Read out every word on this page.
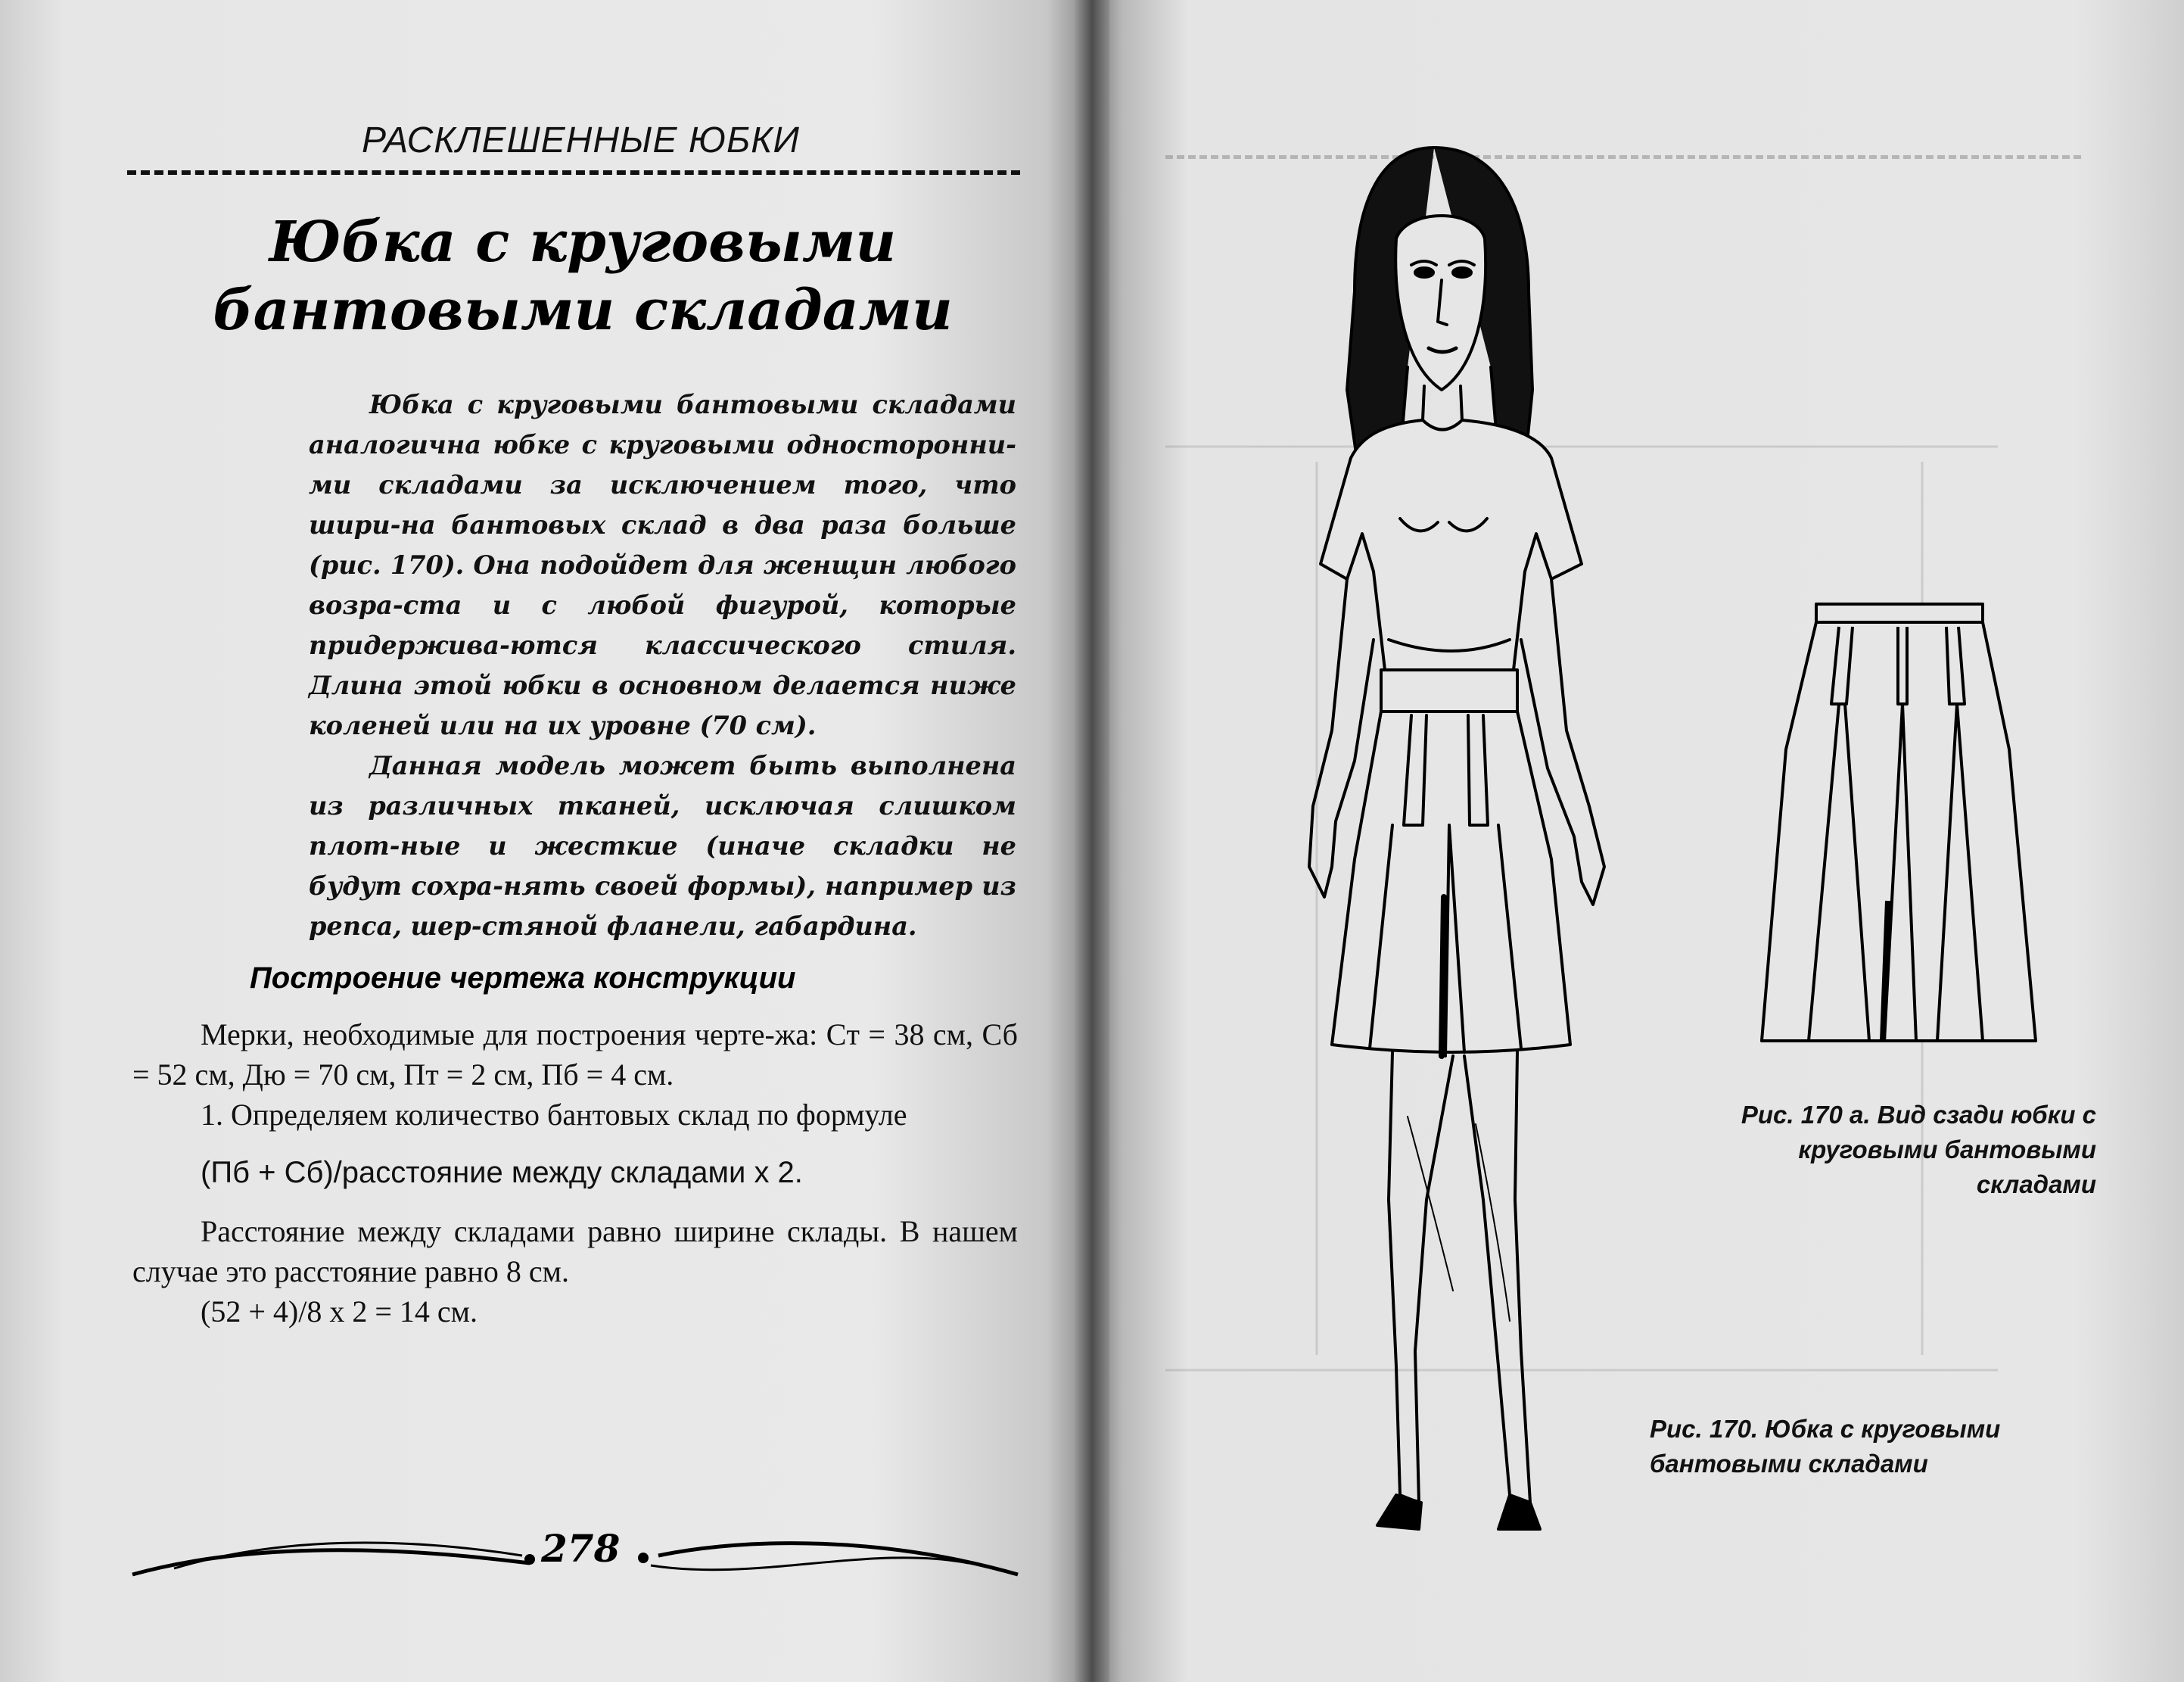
РАСКЛЕШЕННЫЕ ЮБКИ
Юбка с круговыми
бантовыми складами

Юбка с круговыми бантовыми складами аналогична юбке с круговыми односторонни-ми складами за исключением того, что шири-на бантовых склад в два раза больше (рис. 170). Она подойдет для женщин любого возра-ста и с любой фигурой, которые придержива-ются классического стиля. Длина этой юбки в основном делается ниже коленей или на их уровне (70 см).

Данная модель может быть выполнена из различных тканей, исключая слишком плот-ные и жесткие (иначе складки не будут сохра-нять своей формы), например из репса, шер-стяной фланели, габардина.

Построение чертежа конструкции

Мерки, необходимые для построения черте-жа: Cт = 38 см, Сб = 52 см, Дю = 70 см, Пт = 2 см, Пб = 4 см.

1. Определяем количество бантовых склад по формуле

(Пб + Сб)/расстояние между складами х 2.

Расстояние между складами равно ширине склады. В нашем случае это расстояние равно 8 см.

(52 + 4)/8 х 2 = 14 см.

278
Рис. 170 а. Вид сзади юбки с круговыми бантовыми складами
Рис. 170. Юбка с круговыми бантовыми складами
